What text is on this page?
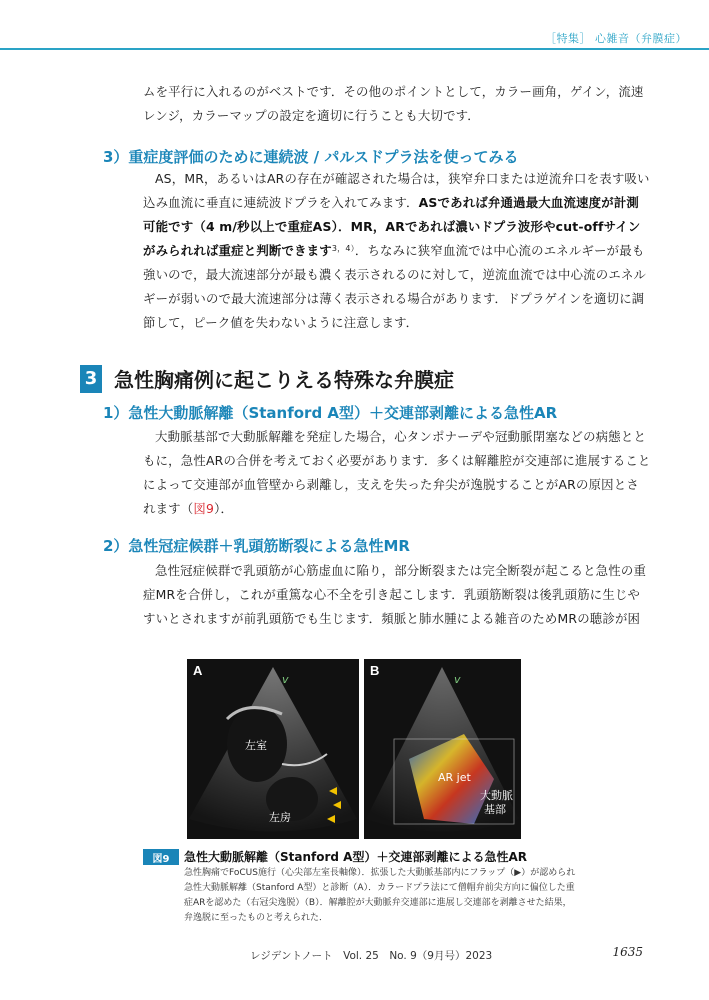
［特集］ 心雑音（弁膜症）

ムを平行に入れるのがベストです．その他のポイントとして，カラー画角，ゲイン，流速レンジ，カラーマップの設定を適切に行うことも大切です．

3）重症度評価のために連続波 / パルスドプラ法を使ってみる

AS，MR，あるいはARの存在が確認された場合は，狭窄弁口または逆流弁口を表す吸い込み血流に垂直に連続波ドプラを入れてみます．ASであれば弁通過最大血流速度が計測可能です（4 m/秒以上で重症AS）．MR，ARであれば濃いドプラ波形やcut-offサインがみられれば重症と判断できます$^{3,4)}$．ちなみに狭窄血流では中心流のエネルギーが最も強いので，最大流速部分が最も濃く表示されるのに対して，逆流血流では中心流のエネルギーが弱いので最大流速部分は薄く表示される場合があります．ドプラゲインを適切に調節して，ピーク値を失わないように注意します．

3 急性胸痛例に起こりえる特殊な弁膜症
1）急性大動脈解離（Stanford A型）＋交連部剥離による急性AR

大動脈基部で大動脈解離を発症した場合，心タンポナーデや冠動脈閉塞などの病態とともに，急性ARの合併を考えておく必要があります．多くは解離腔が交連部に進展することによって交連部が血管壁から剥離し，支えを失った弁尖が逸脱することがARの原因とされます（図9）．

2）急性冠症候群＋乳頭筋断裂による急性MR

急性冠症候群で乳頭筋が心筋虚血に陥り，部分断裂または完全断裂が起こると急性の重症MRを合併し，これが重篤な心不全を引き起こします．乳頭筋断裂は後乳頭筋に生じやすいとされますが前乳頭筋でも生じます．頻脈と肺水腫による雑音のためMRの聴診が困

A
v
左室
左房
B
v
AR jet
大動脈
基部
図9	急性大動脈解離（Stanford A型）＋交連部剥離による急性AR
急性胸痛でFoCUS施行（心尖部左室長軸像）．拡張した大動脈基部内にフラップ（▶）が認められ急性大動脈解離（Stanford A型）と診断（A）．カラードプラ法にて僧帽弁前尖方向に偏位した重症ARを認めた（右冠尖逸脱）（B）．解離腔が大動脈弁交連部に進展し交連部を剥離させた結果，弁逸脱に至ったものと考えられた．
レジデントノート　Vol. 25　No. 9（9月号）2023	1635
